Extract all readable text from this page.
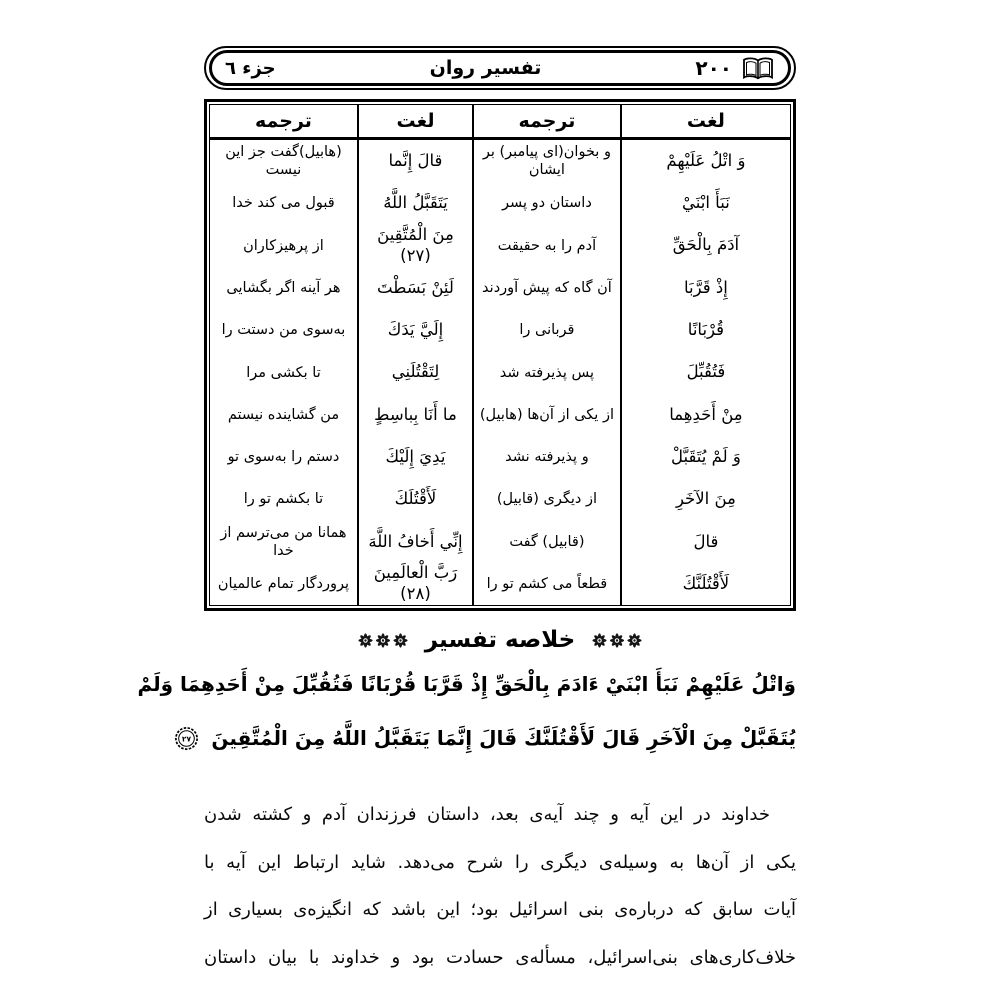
٢٠٠
تفسير روان
جزء ٦
لغت
وَ اتْلُ عَلَيْهِمْ
نَبَأَ ابْنَيْ
آدَمَ بِالْحَقِّ
إِذْ قَرَّبَا
قُرْبَانًا
فَتُقُبِّلَ
مِنْ أَحَدِهِما
وَ لَمْ يُتَقَبَّلْ
مِنَ الآخَرِ
قالَ
لَأَقْتُلَنَّكَ
ترجمه
و بخوان(ای پيامبر) بر ايشان
داستان دو پسر
آدم را به حقيقت
آن گاه كه پيش آوردند
قربانی را
پس پذيرفته شد
از يكی از آن‌ها (هابيل)
و پذيرفته نشد
از ديگری (قابيل)
(قابيل) گفت
قطعاً می كشم تو را
لغت
قالَ إِنَّما
يَتَقَبَّلُ اللَّهُ
مِنَ الْمُتَّقِينَ (٢٧)
لَئِنْ بَسَطْتَ
إِلَيَّ يَدَكَ
لِتَقْتُلَنِي
ما أَنَا بِباسِطٍ
يَدِيَ إِلَيْكَ
لَأَقْتُلَكَ
إِنِّي أَخافُ اللَّهَ
رَبَّ الْعالَمِينَ (٢٨)
ترجمه
(هابيل)گفت جز اين نيست
قبول می كند خدا
از پرهيزكاران
هر آينه اگر بگشايی
به‌سوی من دستت را
تا بكشی مرا
من گشاينده نيستم
دستم را به‌سوی تو
تا بكشم تو را
همانا من می‌ترسم از خدا
پروردگار تمام عالميان
خلاصه تفسير
وَاتْلُ عَلَيْهِمْ نَبَأَ ابْنَيْ ءَادَمَ بِالْحَقِّ إِذْ قَرَّبَا قُرْبَانًا فَتُقُبِّلَ مِنْ أَحَدِهِمَا وَلَمْ
يُتَقَبَّلْ مِنَ الْآخَرِ قَالَ لَأَقْتُلَنَّكَ قَالَ إِنَّمَا يَتَقَبَّلُ اللَّهُ مِنَ الْمُتَّقِينَ
٢٧
خداوند در اين آيه و چند آيه‌ی بعد، داستان فرزندان آدم و كشته شدن
يكی از آن‌ها به وسيله‌ی ديگری را شرح می‌دهد. شايد ارتباط اين آيه با
آيات سابق كه درباره‌ی بنی اسرائيل بود؛ اين باشد كه انگيزه‌ی بسياری از
خلاف‌كاری‌های بنی‌اسرائيل، مسأله‌ی حسادت بود و خداوند با بيان داستان
